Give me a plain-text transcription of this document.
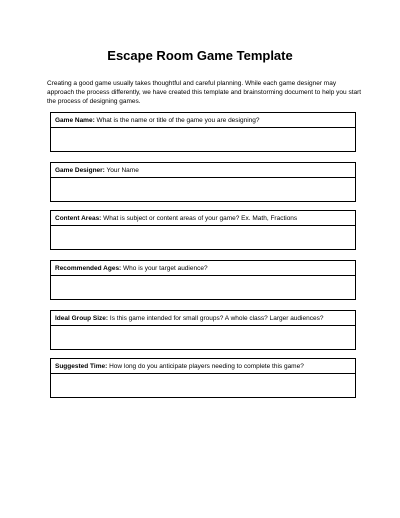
Escape Room Game Template
Creating a good game usually takes thoughtful and careful planning. While each game designer may approach the process differently, we have created this template and brainstorming document to help you start the process of designing games.
Game Name: What is the name or title of the game you are designing?
Game Designer: Your Name
Content Areas: What is subject or content areas of your game? Ex. Math, Fractions
Recommended Ages: Who is your target audience?
Ideal Group Size: Is this game intended for small groups? A whole class? Larger audiences?
Suggested Time: How long do you anticipate players needing to complete this game?
